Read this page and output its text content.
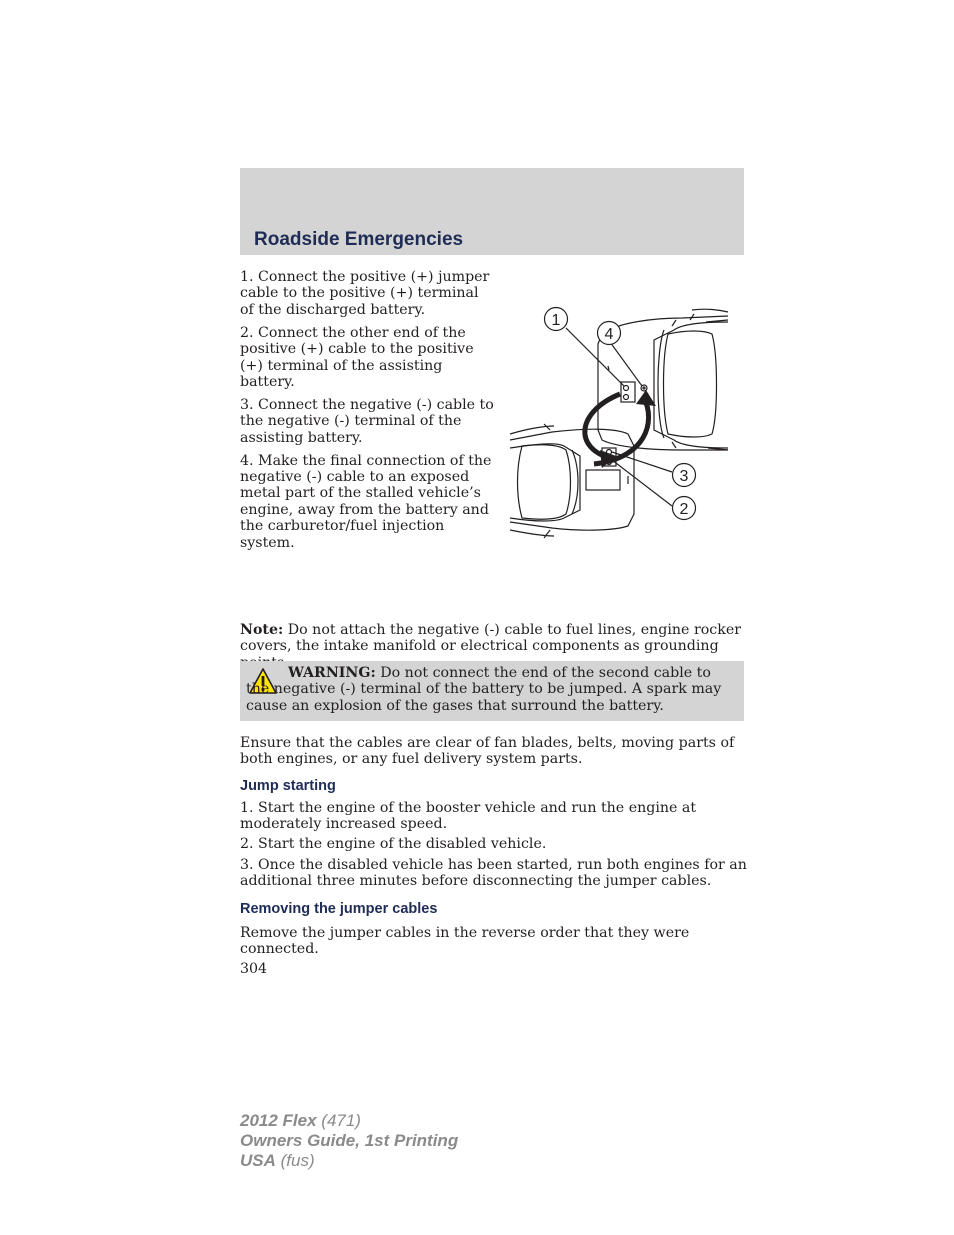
Roadside Emergencies

1. Connect the positive (+) jumper cable to the positive (+) terminal of the discharged battery.

2. Connect the other end of the positive (+) cable to the positive (+) terminal of the assisting battery.

3. Connect the negative (-) cable to the negative (-) terminal of the assisting battery.

4. Make the final connection of the negative (-) cable to an exposed metal part of the stalled vehicle’s engine, away from the battery and the carburetor/fuel injection system.

1
4
3
2

Note: Do not attach the negative (-) cable to fuel lines, engine rocker covers, the intake manifold or electrical components as grounding

WARNING: Do not connect the end of the second cable to the negative (-) terminal of the battery to be jumped. A spark may cause an explosion of the gases that surround the battery.

Ensure that the cables are clear of fan blades, belts, moving parts of both engines, or any fuel delivery system parts.

Jump starting

1. Start the engine of the booster vehicle and run the engine at moderately increased speed.

2. Start the engine of the disabled vehicle.

3. Once the disabled vehicle has been started, run both engines for an additional three minutes before disconnecting the jumper cables.

Removing the jumper cables

Remove the jumper cables in the reverse order that they were connected.

304

2012 Flex (471)
Owners Guide, 1st Printing
USA (fus)
